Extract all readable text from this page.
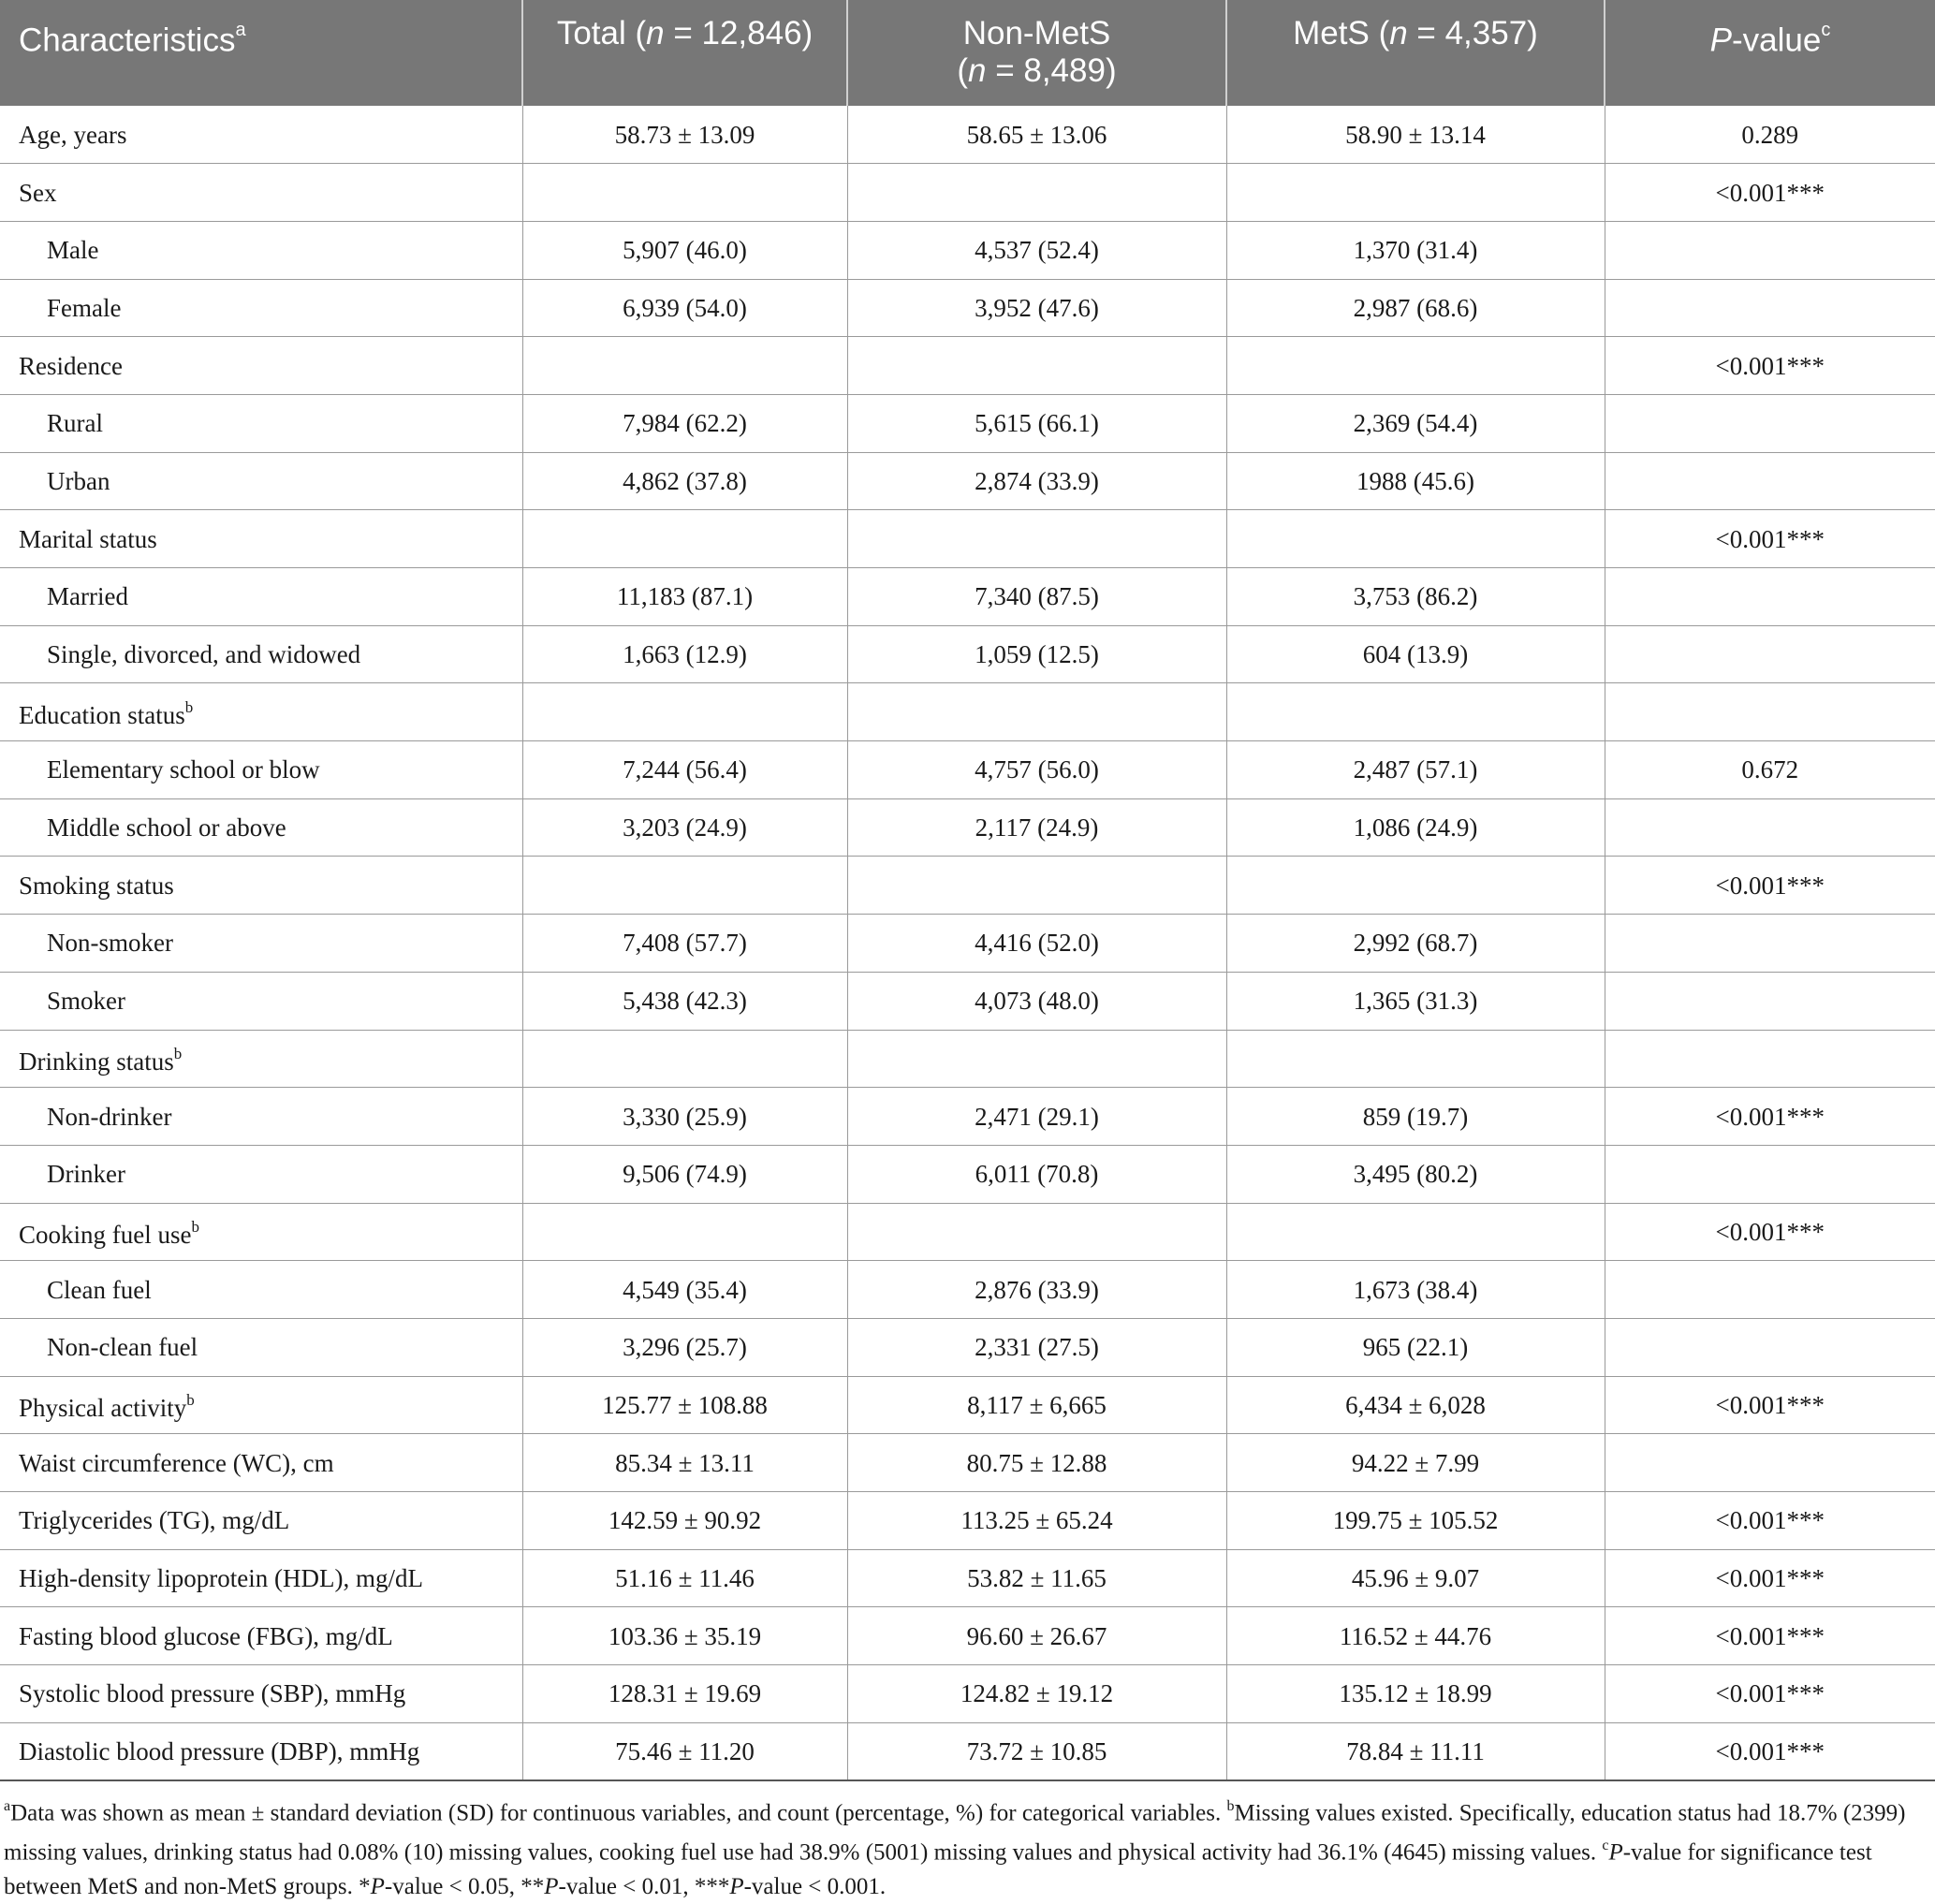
Characteristics$^a$	Total (n = 12,846)	Non-MetS
(n = 8,489)	MetS (n = 4,357)	P-value$^c$
Age, years	58.73 ± 13.09	58.65 ± 13.06	58.90 ± 13.14	0.289
Sex				<0.001***
Male	5,907 (46.0)	4,537 (52.4)	1,370 (31.4)	
Female	6,939 (54.0)	3,952 (47.6)	2,987 (68.6)	
Residence				<0.001***
Rural	7,984 (62.2)	5,615 (66.1)	2,369 (54.4)	
Urban	4,862 (37.8)	2,874 (33.9)	1988 (45.6)	
Marital status				<0.001***
Married	11,183 (87.1)	7,340 (87.5)	3,753 (86.2)	
Single, divorced, and widowed	1,663 (12.9)	1,059 (12.5)	604 (13.9)	
Education status$^b$				
Elementary school or blow	7,244 (56.4)	4,757 (56.0)	2,487 (57.1)	0.672
Middle school or above	3,203 (24.9)	2,117 (24.9)	1,086 (24.9)	
Smoking status				<0.001***
Non-smoker	7,408 (57.7)	4,416 (52.0)	2,992 (68.7)	
Smoker	5,438 (42.3)	4,073 (48.0)	1,365 (31.3)	
Drinking status$^b$				
Non-drinker	3,330 (25.9)	2,471 (29.1)	859 (19.7)	<0.001***
Drinker	9,506 (74.9)	6,011 (70.8)	3,495 (80.2)	
Cooking fuel use$^b$				<0.001***
Clean fuel	4,549 (35.4)	2,876 (33.9)	1,673 (38.4)	
Non-clean fuel	3,296 (25.7)	2,331 (27.5)	965 (22.1)	
Physical activity$^b$	125.77 ± 108.88	8,117 ± 6,665	6,434 ± 6,028	<0.001***
Waist circumference (WC), cm	85.34 ± 13.11	80.75 ± 12.88	94.22 ± 7.99	
Triglycerides (TG), mg/dL	142.59 ± 90.92	113.25 ± 65.24	199.75 ± 105.52	<0.001***
High-density lipoprotein (HDL), mg/dL	51.16 ± 11.46	53.82 ± 11.65	45.96 ± 9.07	<0.001***
Fasting blood glucose (FBG), mg/dL	103.36 ± 35.19	96.60 ± 26.67	116.52 ± 44.76	<0.001***
Systolic blood pressure (SBP), mmHg	128.31 ± 19.69	124.82 ± 19.12	135.12 ± 18.99	<0.001***
Diastolic blood pressure (DBP), mmHg	75.46 ± 11.20	73.72 ± 10.85	78.84 ± 11.11	<0.001***
$^a$Data was shown as mean ± standard deviation (SD) for continuous variables, and count (percentage, %) for categorical variables. $^b$Missing values existed. Specifically, education status had 18.7% (2399) missing values, drinking status had 0.08% (10) missing values, cooking fuel use had 38.9% (5001) missing values and physical activity had 36.1% (4645) missing values. $^c$P-value for significance test between MetS and non-MetS groups. *P-value < 0.05, **P-value < 0.01, ***P-value < 0.001.
